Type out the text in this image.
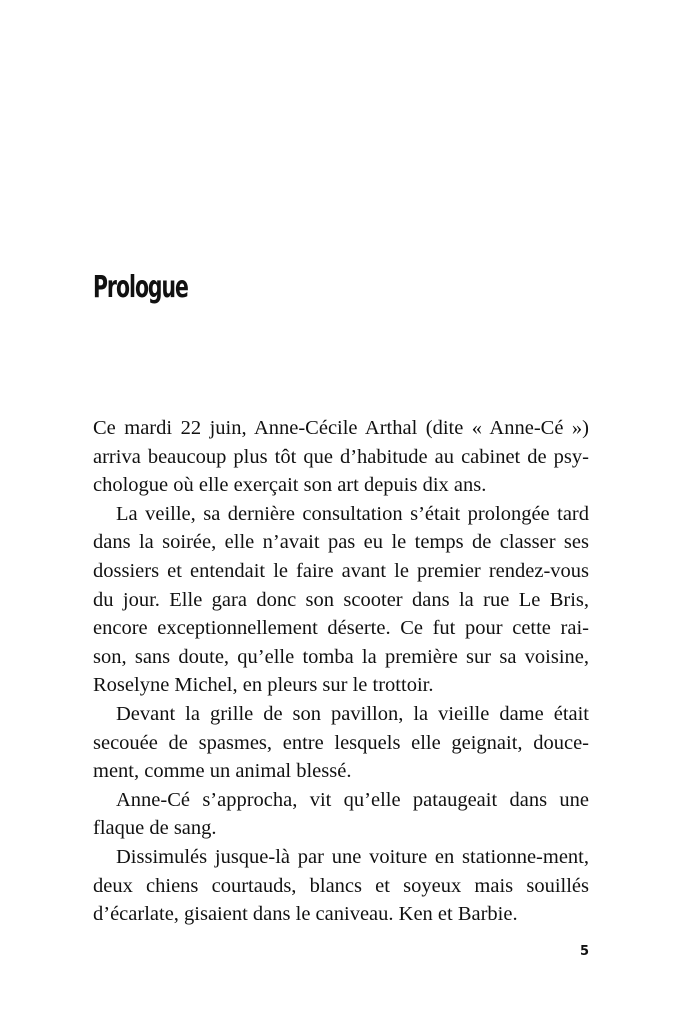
Prologue

Ce mardi 22 juin, Anne-Cécile Arthal (dite « Anne-Cé ») arriva beaucoup plus tôt que d’habitude au cabinet de psy-chologue où elle exerçait son art depuis dix ans.

La veille, sa dernière consultation s’était prolongée tard dans la soirée, elle n’avait pas eu le temps de classer ses dossiers et entendait le faire avant le premier rendez-vous du jour. Elle gara donc son scooter dans la rue Le Bris, encore exceptionnellement déserte. Ce fut pour cette rai-son, sans doute, qu’elle tomba la première sur sa voisine, Roselyne Michel, en pleurs sur le trottoir.

Devant la grille de son pavillon, la vieille dame était secouée de spasmes, entre lesquels elle geignait, douce-ment, comme un animal blessé.

Anne-Cé s’approcha, vit qu’elle pataugeait dans une flaque de sang.

Dissimulés jusque-là par une voiture en stationne-ment, deux chiens courtauds, blancs et soyeux mais souillés d’écarlate, gisaient dans le caniveau. Ken et Barbie.

5
